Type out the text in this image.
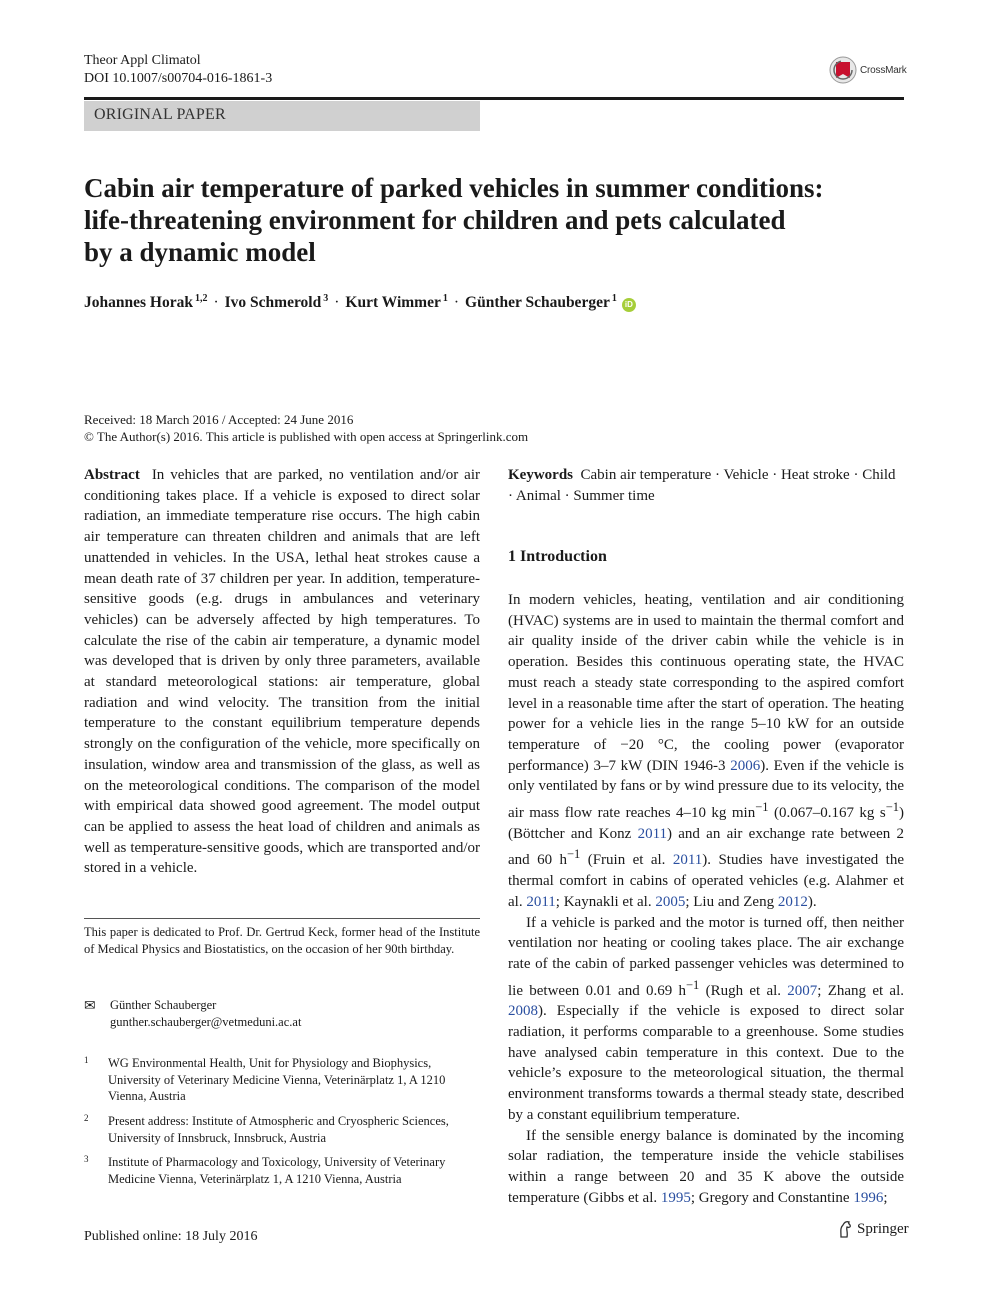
Theor Appl Climatol
DOI 10.1007/s00704-016-1861-3
CrossMark
ORIGINAL PAPER
Cabin air temperature of parked vehicles in summer conditions:
life-threatening environment for children and pets calculated
by a dynamic model
Johannes Horak$^{1,2}$ · Ivo Schmerold$^3$ · Kurt Wimmer$^1$ · Günther Schauberger$^1$
iD
Received: 18 March 2016 / Accepted: 24 June 2016
© The Author(s) 2016. This article is published with open access at Springerlink.com

Abstract In vehicles that are parked, no ventilation and/or air conditioning takes place. If a vehicle is exposed to direct solar radiation, an immediate temperature rise occurs. The high cabin air temperature can threaten children and animals that are left unattended in vehicles. In the USA, lethal heat strokes cause a mean death rate of 37 children per year. In addition, temperature-sensitive goods (e.g. drugs in ambulances and veterinary vehicles) can be adversely affected by high temperatures. To calculate the rise of the cabin air temperature, a dynamic model was developed that is driven by only three parameters, available at standard meteorological stations: air temperature, global radiation and wind velocity. The transition from the initial temperature to the constant equilibrium temperature depends strongly on the configuration of the vehicle, more specifically on insulation, window area and transmission of the glass, as well as on the meteorological conditions. The comparison of the model with empirical data showed good agreement. The model output can be applied to assess the heat load of children and animals as well as temperature-sensitive goods, which are transported and/or stored in a vehicle.

Keywords Cabin air temperature · Vehicle · Heat stroke · Child · Animal · Summer time

1 Introduction

In modern vehicles, heating, ventilation and air conditioning (HVAC) systems are in used to maintain the thermal comfort and air quality inside of the driver cabin while the vehicle is in operation. Besides this continuous operating state, the HVAC must reach a steady state corresponding to the aspired comfort level in a reasonable time after the start of operation. The heating power for a vehicle lies in the range 5–10 kW for an outside temperature of −20 °C, the cooling power (evaporator performance) 3–7 kW (DIN 1946-3 2006). Even if the vehicle is only ventilated by fans or by wind pressure due to its velocity, the air mass flow rate reaches 4–10 kg $\min^{-1} (0.067-0.167$ kg $s^{-1}$) (Böttcher and Konz 2011) and an air exchange rate between 2 and 60 $h^{-1}$ (Fruin et al. 2011). Studies have investigated the thermal comfort in cabins of operated vehicles (e.g. Alahmer et al. 2011; Kaynakli et al. 2005; Liu and Zeng 2012).

If a vehicle is parked and the motor is turned off, then neither ventilation nor heating or cooling takes place. The air exchange rate of the cabin of parked passenger vehicles was determined to lie between 0.01 and 0.69 $h^{-1}$ (Rugh et al. 2007; Zhang et al. 2008). Especially if the vehicle is exposed to direct solar radiation, it performs comparable to a greenhouse. Some studies have analysed cabin temperature in this context. Due to the vehicle’s exposure to the meteorological situation, the thermal environment transforms towards a thermal steady state, described by a constant equilibrium temperature.

If the sensible energy balance is dominated by the incoming solar radiation, the temperature inside the vehicle stabilises within a range between 20 and 35 K above the outside temperature (Gibbs et al. 1995; Gregory and Constantine 1996;

This paper is dedicated to Prof. Dr. Gertrud Keck, former head of the Institute of Medical Physics and Biostatistics, on the occasion of her 90th birthday.
✉ Günther Schauberger
gunther.schauberger@vetmeduni.ac.at
1 WG Environmental Health, Unit for Physiology and Biophysics, University of Veterinary Medicine Vienna, Veterinärplatz 1, A 1210 Vienna, Austria
2 Present address: Institute of Atmospheric and Cryospheric Sciences, University of Innsbruck, Innsbruck, Austria
3 Institute of Pharmacology and Toxicology, University of Veterinary Medicine Vienna, Veterinärplatz 1, A 1210 Vienna, Austria
Published online: 18 July 2016	Springer
